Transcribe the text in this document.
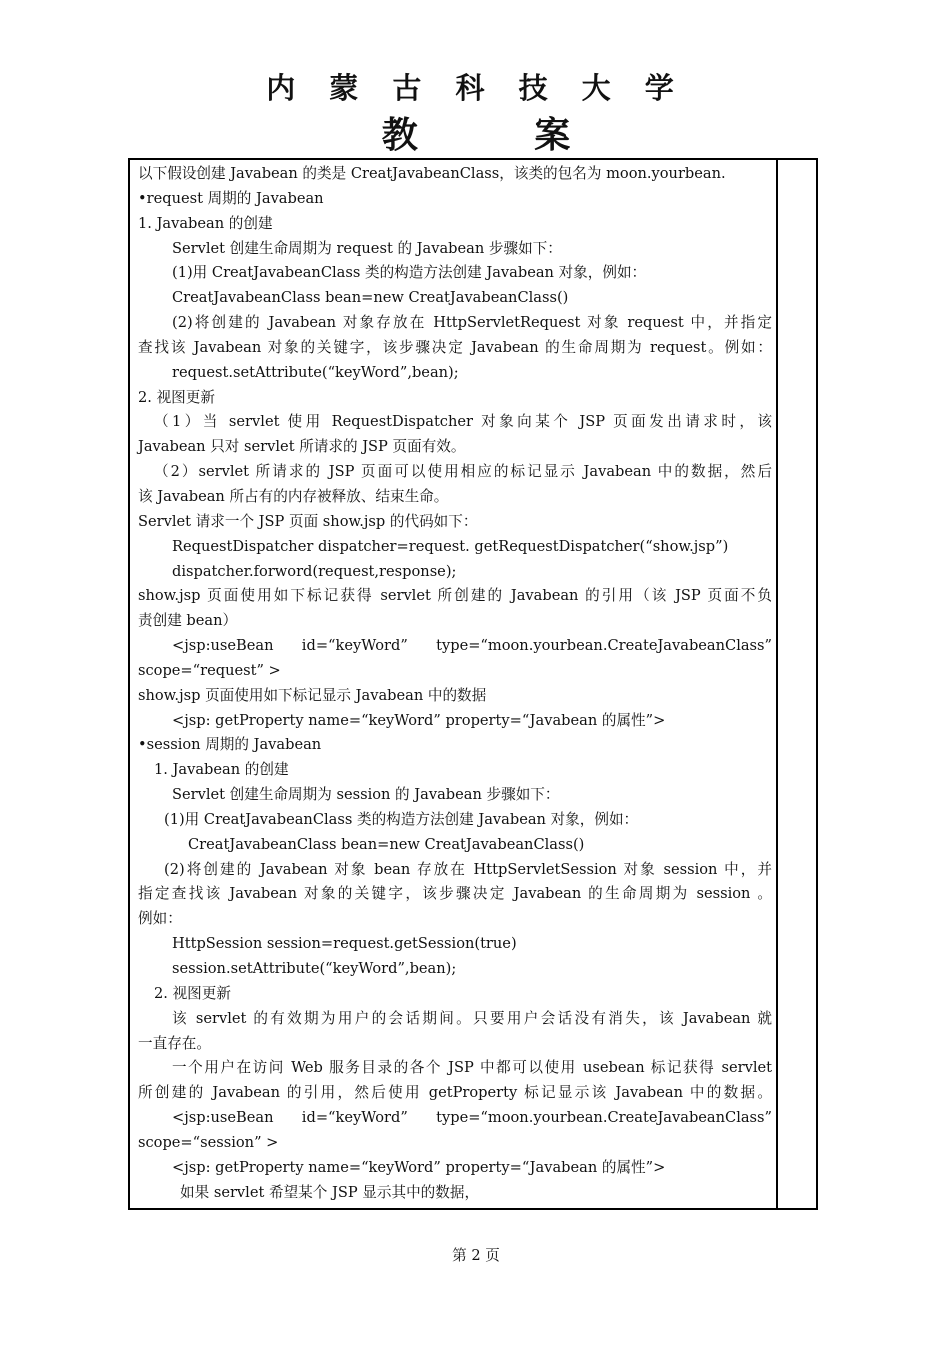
内 蒙 古 科 技 大 学
教 案
以下假设创建 Javabean 的类是 CreatJavabeanClass，该类的包名为 moon.yourbean.
•request 周期的 Javabean
1. Javabean 的创建
Servlet 创建生命周期为 request 的 Javabean 步骤如下：
(1)用 CreatJavabeanClass 类的构造方法创建 Javabean 对象，例如：
CreatJavabeanClass bean=new CreatJavabeanClass()
(2)将创建的 Javabean 对象存放在 HttpServletRequest 对象 request 中，并指定
查找该 Javabean 对象的关键字，该步骤决定 Javabean 的生命周期为 request。例如：
request.setAttribute(“keyWord”,bean);
2. 视图更新
（1）当 servlet 使用 RequestDispatcher 对象向某个 JSP 页面发出请求时，该
Javabean 只对 servlet 所请求的 JSP 页面有效。
（2）servlet 所请求的 JSP 页面可以使用相应的标记显示 Javabean 中的数据，然后
该 Javabean 所占有的内存被释放、结束生命。
Servlet 请求一个 JSP 页面 show.jsp 的代码如下：
RequestDispatcher dispatcher=request. getRequestDispatcher(“show.jsp”)
dispatcher.forword(request,response);
show.jsp 页面使用如下标记获得 servlet 所创建的 Javabean 的引用（该 JSP 页面不负
责创建 bean）
<jsp:useBean id=“keyWord” type=“moon.yourbean.CreateJavabeanClass”
scope=“request” >
show.jsp 页面使用如下标记显示 Javabean 中的数据
<jsp: getProperty name=“keyWord” property=“Javabean 的属性”>
•session 周期的 Javabean
1. Javabean 的创建
Servlet 创建生命周期为 session 的 Javabean 步骤如下：
(1)用 CreatJavabeanClass 类的构造方法创建 Javabean 对象，例如：
CreatJavabeanClass bean=new CreatJavabeanClass()
(2)将创建的 Javabean 对象 bean 存放在 HttpServletSession 对象 session 中，并
指定查找该 Javabean 对象的关键字，该步骤决定 Javabean 的生命周期为 session 。
例如：
HttpSession session=request.getSession(true)
session.setAttribute(“keyWord”,bean);
2. 视图更新
该 servlet 的有效期为用户的会话期间。只要用户会话没有消失，该 Javabean 就
一直存在。
一个用户在访问 Web 服务目录的各个 JSP 中都可以使用 usebean 标记获得 servlet
所创建的 Javabean 的引用，然后使用 getProperty 标记显示该 Javabean 中的数据。
<jsp:useBean id=“keyWord” type=“moon.yourbean.CreateJavabeanClass”
scope=“session” >
<jsp: getProperty name=“keyWord” property=“Javabean 的属性”>
如果 servlet 希望某个 JSP 显示其中的数据，
第 2 页
